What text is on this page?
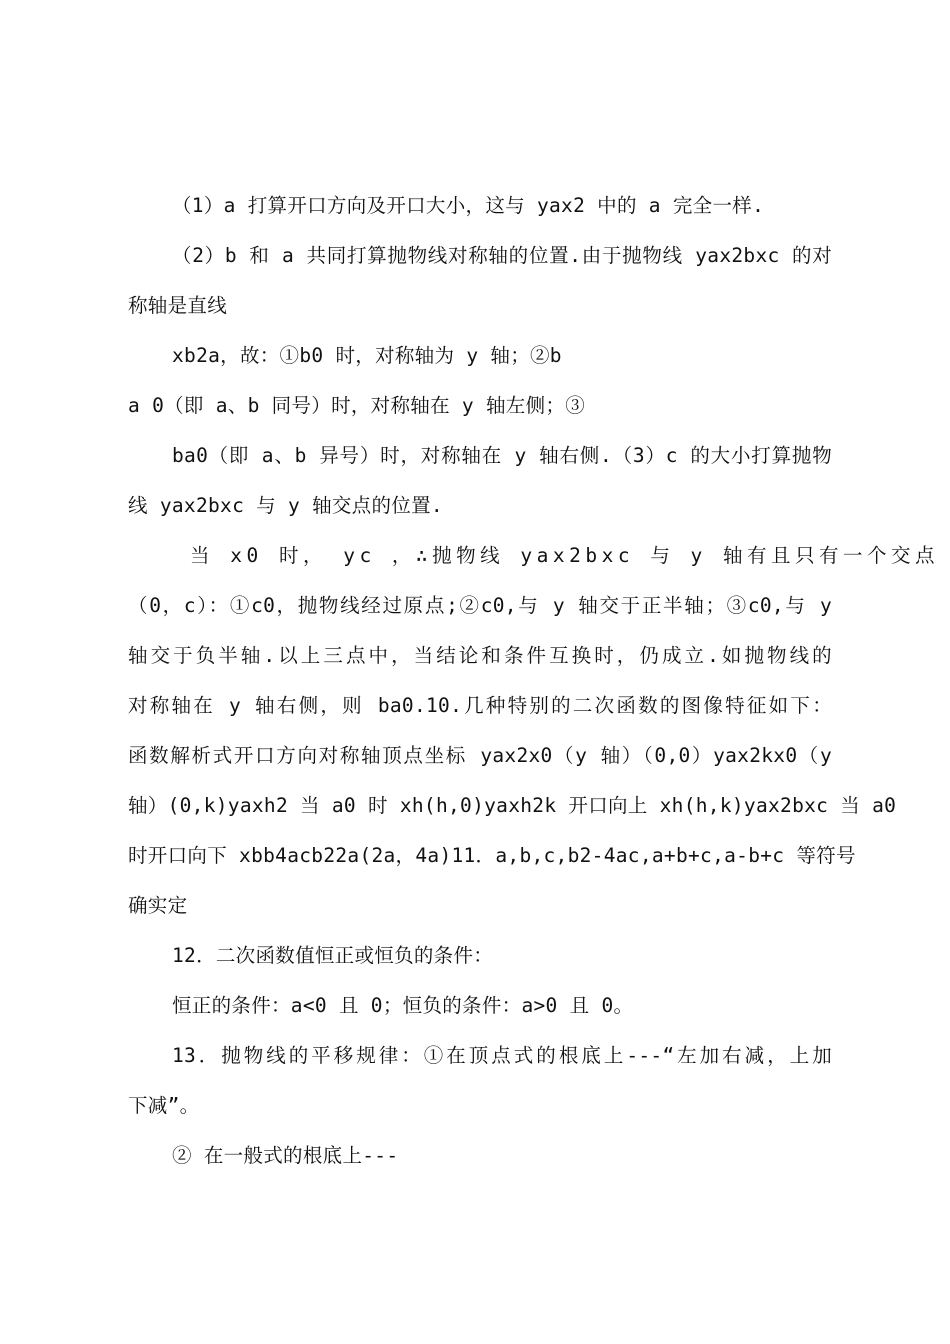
（1）a 打算开口方向及开口大小，这与 yax2 中的 a 完全一样.
（2）b 和 a 共同打算抛物线对称轴的位置.由于抛物线 yax2bxc 的对
称轴是直线
xb2a，故：①b0 时，对称轴为 y 轴；②b
a 0（即 a、b 同号）时，对称轴在 y 轴左侧；③
ba0（即 a、b 异号）时，对称轴在 y 轴右侧.（3）c 的大小打算抛物
线 yax2bxc 与 y 轴交点的位置.
当 x0 时， yc ，∴抛物线 yax2bxc 与 y 轴有且只有一个交点
（0，c）：①c0，抛物线经过原点;②c0,与 y 轴交于正半轴；③c0,与 y
轴交于负半轴.以上三点中，当结论和条件互换时，仍成立.如抛物线的
对称轴在 y 轴右侧，则 ba0.10.几种特别的二次函数的图像特征如下：
函数解析式开口方向对称轴顶点坐标 yax2x0（y 轴）（0,0）yax2kx0（y
轴）(0,k)yaxh2 当 a0 时 xh(h,0)yaxh2k 开口向上 xh(h,k)yax2bxc 当 a0
时开口向下 xbb4acb22a(2a，4a)11．a,b,c,b2-4ac,a+b+c,a-b+c 等符号
确实定
12．二次函数值恒正或恒负的条件：
恒正的条件：a<0 且 0；恒负的条件：a>0 且 0。
13．抛物线的平移规律：①在顶点式的根底上---“左加右减，上加
下减”。
② 在一般式的根底上---
